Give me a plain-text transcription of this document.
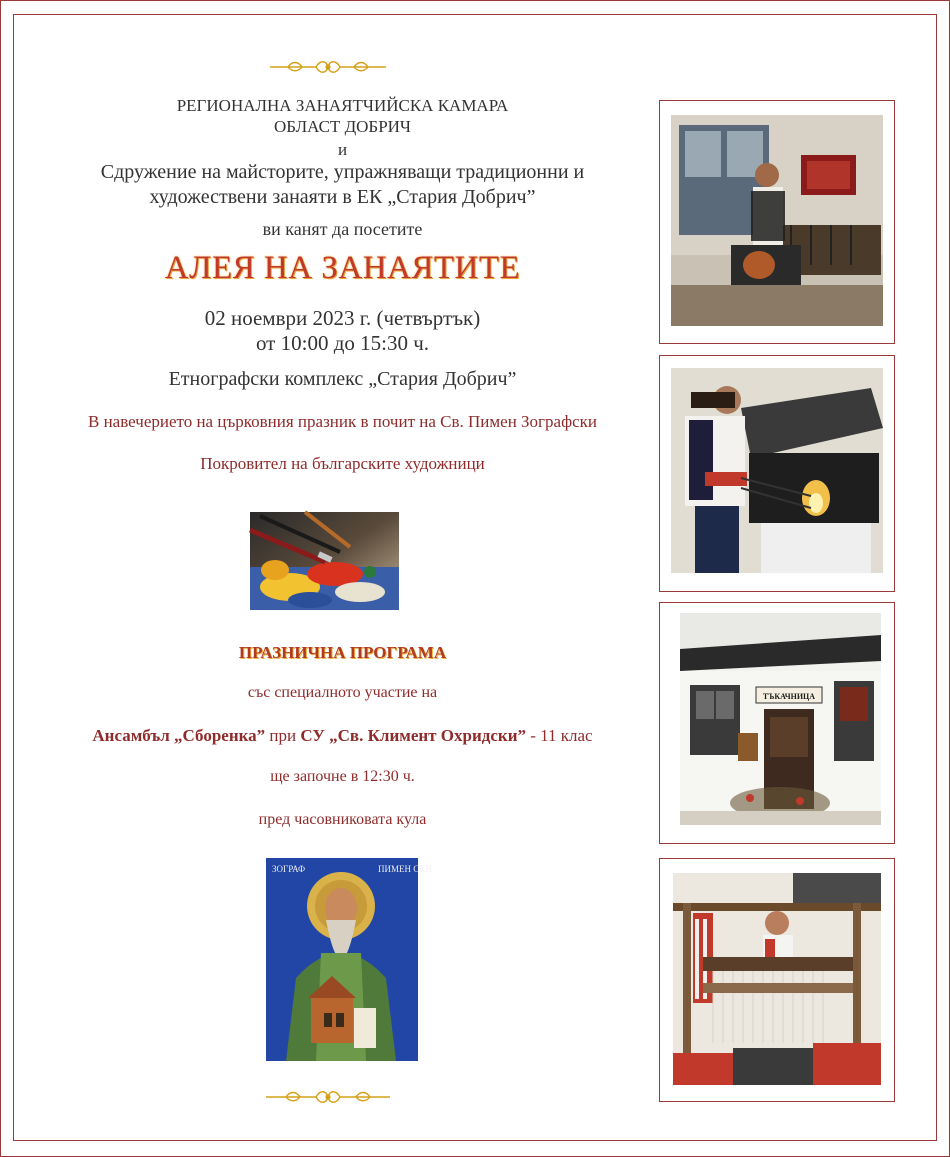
РЕГИОНАЛНА ЗАНАЯТЧИЙСКА КАМАРА
ОБЛАСТ ДОБРИЧ
и
Сдружение на майсторите, упражняващи традиционни и
художествени занаяти в ЕК „Стария Добрич”
ви канят да посетите
АЛЕЯ НА ЗАНАЯТИТЕ
02 ноември 2023 г. (четвъртък)
от 10:00 до 15:30 ч.
Етнографски комплекс „Стария Добрич”
В навечерието на църковния празник в почит на Св. Пимен Зографски
Покровител на българските художници
ПРАЗНИЧНА ПРОГРАМА
със специалното участие на
Ансамбъл „Сборенка” при СУ „Св. Климент Охридски” - 11 клас
ще започне в 12:30 ч.
пред часовниковата кула
ЗОГРАФ	ПИМЕН СКИ
ТЪКАЧНИЦА
